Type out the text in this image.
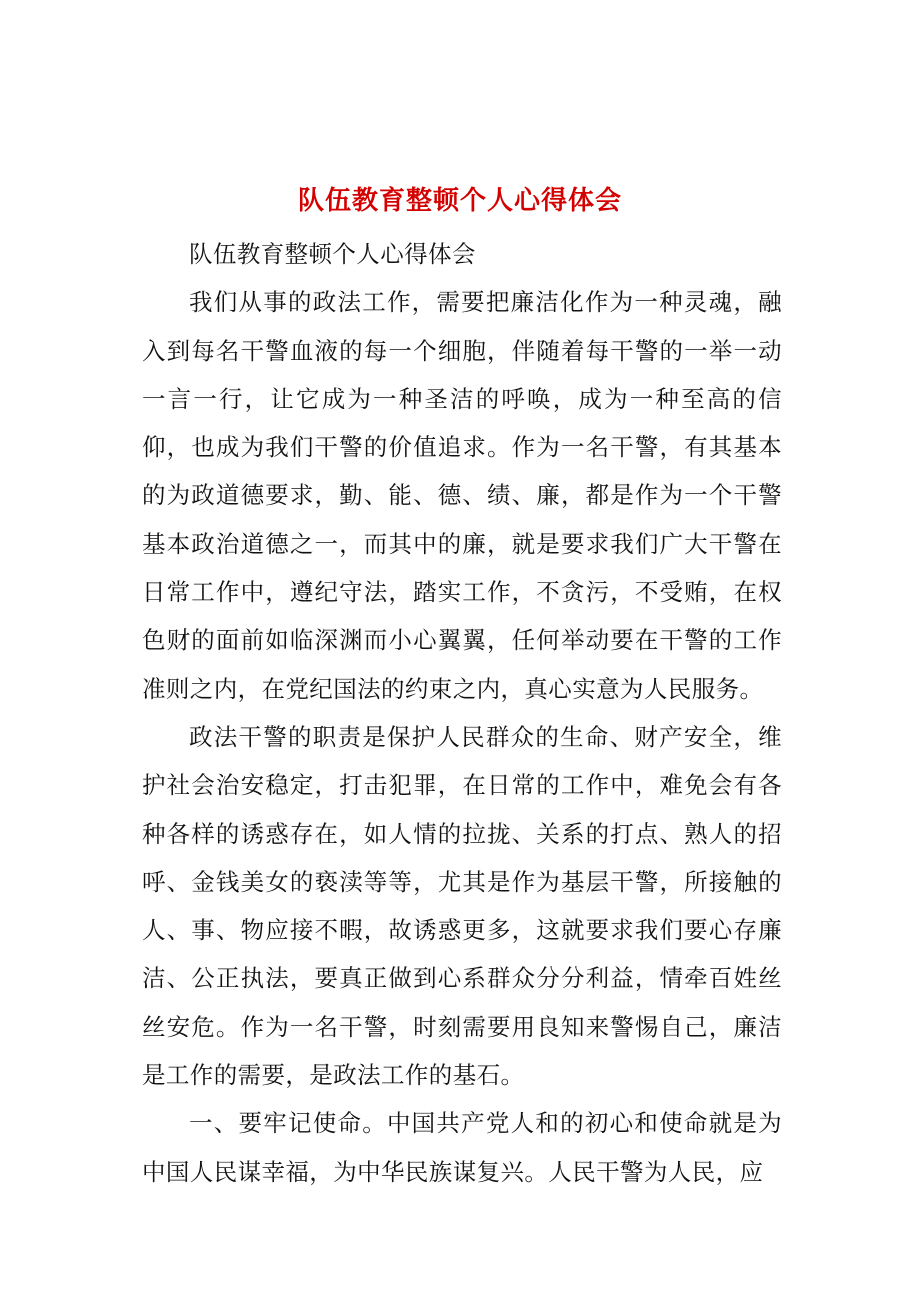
队伍教育整顿个人心得体会

队伍教育整顿个人心得体会

我们从事的政法工作，需要把廉洁化作为一种灵魂，融入到每名干警血液的每一个细胞，伴随着每干警的一举一动一言一行，让它成为一种圣洁的呼唤，成为一种至高的信仰，也成为我们干警的价值追求。作为一名干警，有其基本的为政道德要求，勤、能、德、绩、廉，都是作为一个干警基本政治道德之一，而其中的廉，就是要求我们广大干警在日常工作中，遵纪守法，踏实工作，不贪污，不受贿，在权色财的面前如临深渊而小心翼翼，任何举动要在干警的工作准则之内，在党纪国法的约束之内，真心实意为人民服务。

政法干警的职责是保护人民群众的生命、财产安全，维护社会治安稳定，打击犯罪，在日常的工作中，难免会有各种各样的诱惑存在，如人情的拉拢、关系的打点、熟人的招呼、金钱美女的亵渎等等，尤其是作为基层干警，所接触的人、事、物应接不暇，故诱惑更多，这就要求我们要心存廉洁、公正执法，要真正做到心系群众分分利益，情牵百姓丝丝安危。作为一名干警，时刻需要用良知来警惕自己，廉洁是工作的需要，是政法工作的基石。

一、要牢记使命。中国共产党人和的初心和使命就是为中国人民谋幸福，为中华民族谋复兴。人民干警为人民，应
